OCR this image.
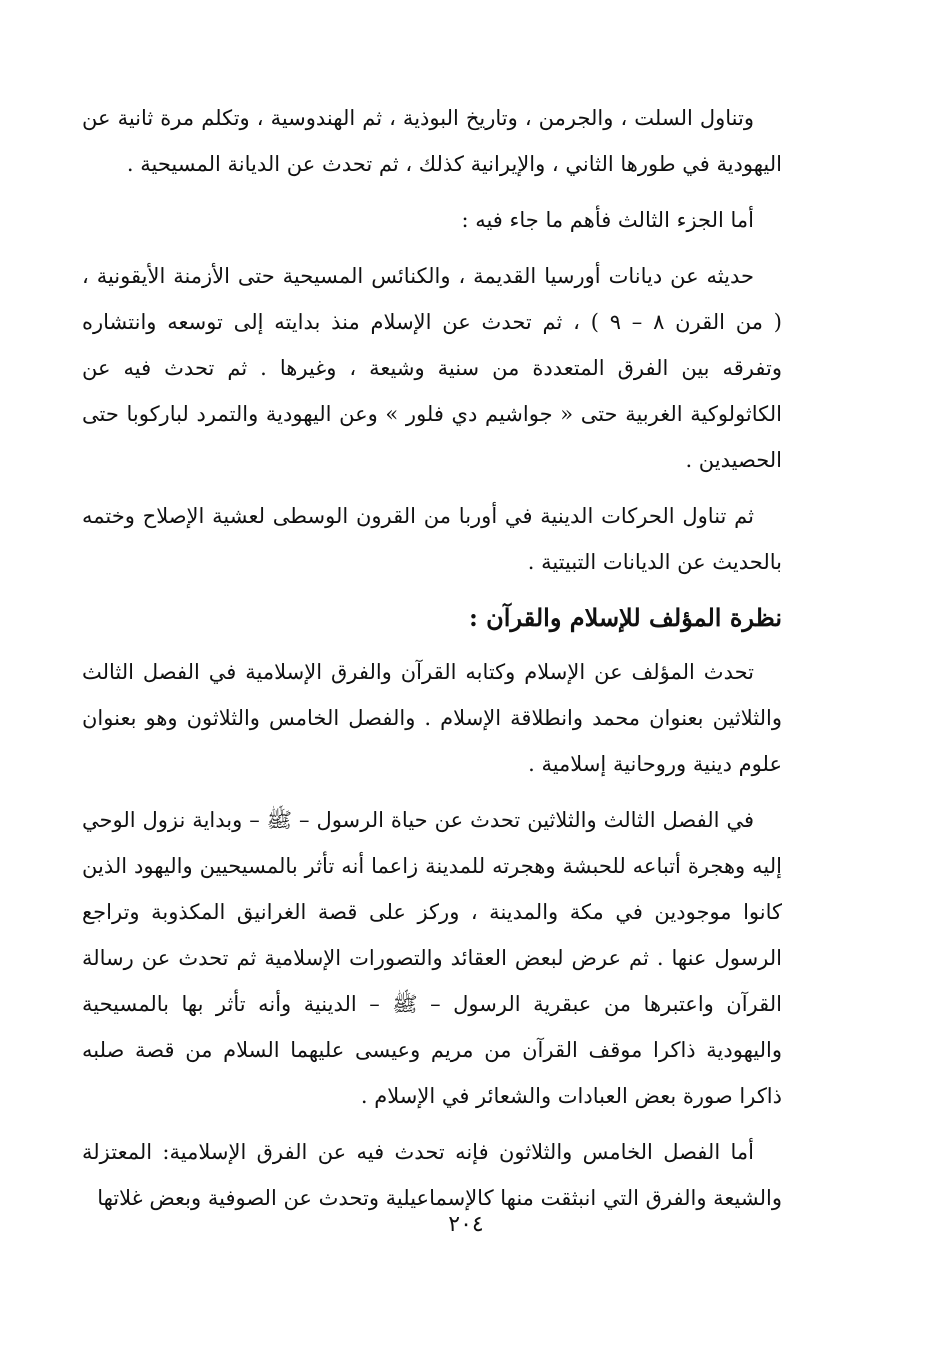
وتناول السلت ، والجرمن ، وتاريخ البوذية ، ثم الهندوسية ، وتكلم مرة ثانية عن اليهودية في طورها الثاني ، والإيرانية كذلك ، ثم تحدث عن الديانة المسيحية .

أما الجزء الثالث فأهم ما جاء فيه :

حديثه عن ديانات أورسيا القديمة ، والكنائس المسيحية حتى الأزمنة الأيقونية ، ( من القرن ٨ – ٩ ) ، ثم تحدث عن الإسلام منذ بدايته إلى توسعه وانتشاره وتفرقه بين الفرق المتعددة من سنية وشيعة ، وغيرها . ثم تحدث فيه عن الكاثولوكية الغربية حتى « جواشيم دي فلور » وعن اليهودية والتمرد لباركوبا حتى الحصيدين .

ثم تناول الحركات الدينية في أوربا من القرون الوسطى لعشية الإصلاح وختمه بالحديث عن الديانات التبيتية .

نظرة المؤلف للإسلام والقرآن :

تحدث المؤلف عن الإسلام وكتابه القرآن والفرق الإسلامية في الفصل الثالث والثلاثين بعنوان محمد وانطلاقة الإسلام . والفصل الخامس والثلاثون وهو بعنوان علوم دينية وروحانية إسلامية .

في الفصل الثالث والثلاثين تحدث عن حياة الرسول – ﷺ – وبداية نزول الوحي إليه وهجرة أتباعه للحبشة وهجرته للمدينة زاعما أنه تأثر بالمسيحيين واليهود الذين كانوا موجودين في مكة والمدينة ، وركز على قصة الغرانيق المكذوبة وتراجع الرسول عنها . ثم عرض لبعض العقائد والتصورات الإسلامية ثم تحدث عن رسالة القرآن واعتبرها من عبقرية الرسول – ﷺ – الدينية وأنه تأثر بها بالمسيحية واليهودية ذاكرا موقف القرآن من مريم وعيسى عليهما السلام من قصة صلبه ذاكرا صورة بعض العبادات والشعائر في الإسلام .

أما الفصل الخامس والثلاثون فإنه تحدث فيه عن الفرق الإسلامية: المعتزلة والشيعة والفرق التي انبثقت منها كالإسماعيلية وتحدث عن الصوفية وبعض غلاتها

٢٠٤
